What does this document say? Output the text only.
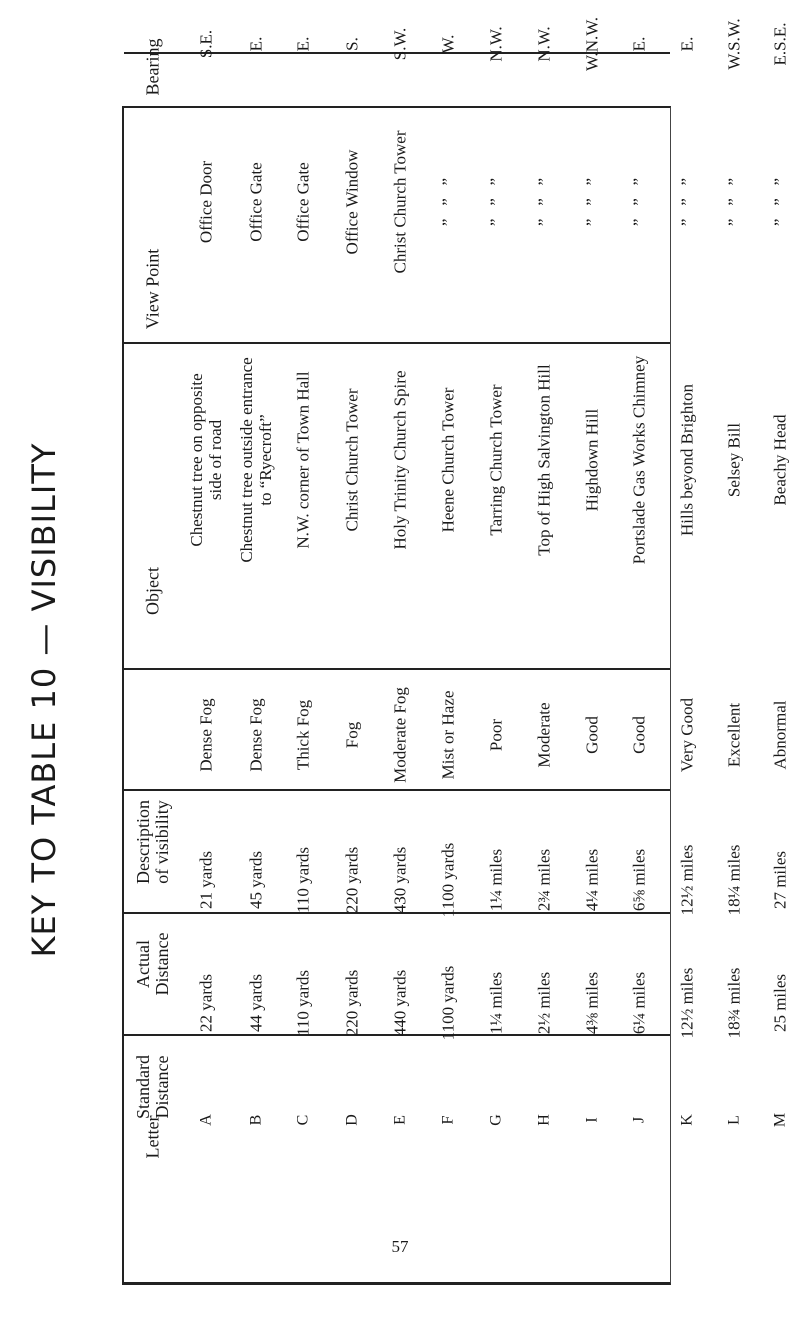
KEY TO TABLE 10 — VISIBILITY
Letter
Standard
Distance
Actual
Distance
Description
of visibility
Object
View Point
Bearing
A
22 yards
21 yards
Dense Fog
Chestnut tree on opposite
side of road
Office Door
S.E.
B
44 yards
45 yards
Dense Fog
Chestnut tree outside entrance
to “Ryecroft”
Office Gate
E.
C
110 yards
110 yards
Thick Fog
N.W. corner of Town Hall
Office Gate
E.
D
220 yards
220 yards
Fog
Christ Church Tower
Office Window
S.
E
440 yards
430 yards
Moderate Fog
Holy Trinity Church Spire
Christ Church Tower
S.W.
F
1100 yards
1100 yards
Mist or Haze
Heene Church Tower
”   ”   ”
W.
G
1¼ miles
1¼ miles
Poor
Tarring Church Tower
”   ”   ”
N.W.
H
2½ miles
2¾ miles
Moderate
Top of High Salvington Hill
”   ”   ”
N.W.
I
4⅜ miles
4¼ miles
Good
Highdown Hill
”   ”   ”
W.N.W.
J
6¼ miles
6⅝ miles
Good
Portslade Gas Works Chimney
”   ”   ”
E.
K
12½ miles
12½ miles
Very Good
Hills beyond Brighton
”   ”   ”
E.
L
18¾ miles
18¼ miles
Excellent
Selsey Bill
”   ”   ”
W.S.W.
M
25 miles
27 miles
Abnormal
Beachy Head
”   ”   ”
E.S.E.
57
